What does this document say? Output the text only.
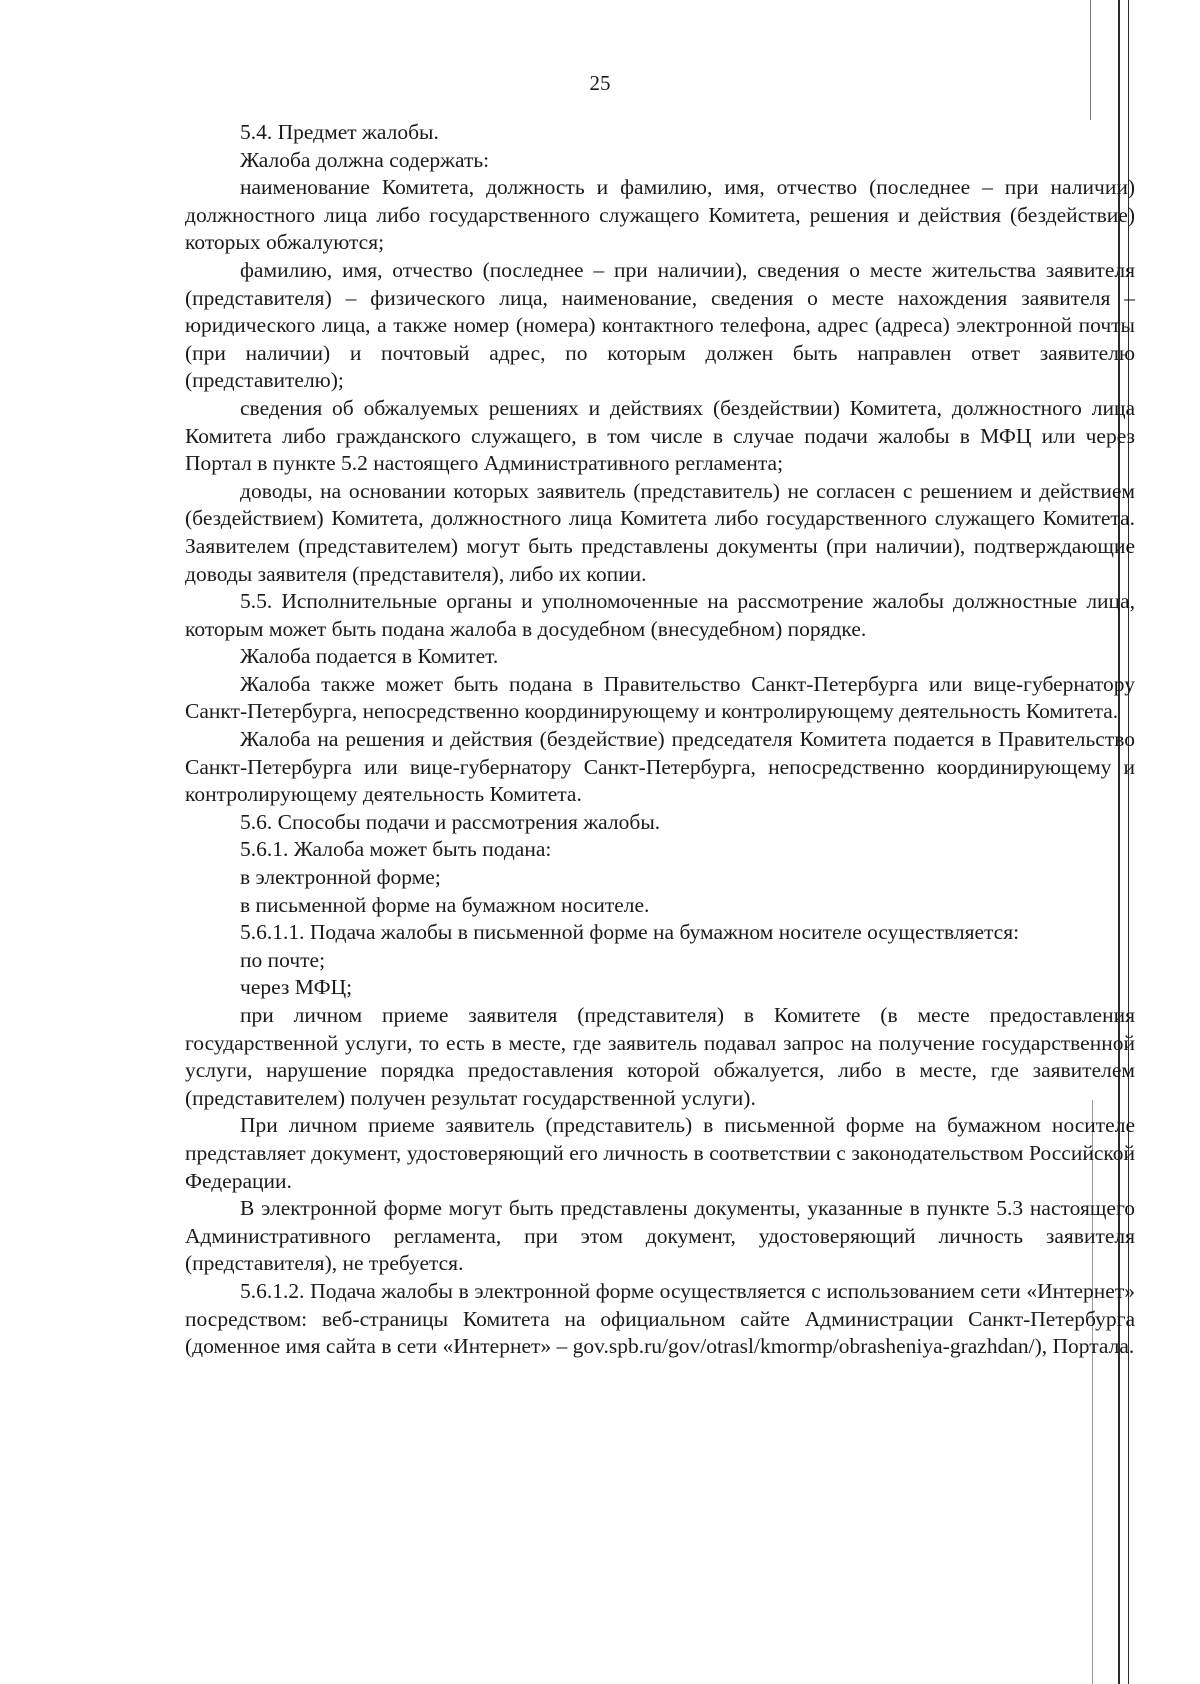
25

5.4. Предмет жалобы.

Жалоба должна содержать:

наименование Комитета, должность и фамилию, имя, отчество (последнее – при наличии) должностного лица либо государственного служащего Комитета, решения и действия (бездействие) которых обжалуются;

фамилию, имя, отчество (последнее – при наличии), сведения о месте жительства заявителя (представителя) – физического лица, наименование, сведения о месте нахождения заявителя – юридического лица, а также номер (номера) контактного телефона, адрес (адреса) электронной почты (при наличии) и почтовый адрес, по которым должен быть направлен ответ заявителю (представителю);

сведения об обжалуемых решениях и действиях (бездействии) Комитета, должностного лица Комитета либо гражданского служащего, в том числе в случае подачи жалобы в МФЦ или через Портал в пункте 5.2 настоящего Административного регламента;

доводы, на основании которых заявитель (представитель) не согласен с решением и действием (бездействием) Комитета, должностного лица Комитета либо государственного служащего Комитета. Заявителем (представителем) могут быть представлены документы (при наличии), подтверждающие доводы заявителя (представителя), либо их копии.

5.5. Исполнительные органы и уполномоченные на рассмотрение жалобы должностные лица, которым может быть подана жалоба в досудебном (внесудебном) порядке.

Жалоба подается в Комитет.

Жалоба также может быть подана в Правительство Санкт-Петербурга или вице-губернатору Санкт-Петербурга, непосредственно координирующему и контролирующему деятельность Комитета.

Жалоба на решения и действия (бездействие) председателя Комитета подается в Правительство Санкт-Петербурга или вице-губернатору Санкт-Петербурга, непосредственно координирующему и контролирующему деятельность Комитета.

5.6. Способы подачи и рассмотрения жалобы.

5.6.1. Жалоба может быть подана:

в электронной форме;

в письменной форме на бумажном носителе.

5.6.1.1. Подача жалобы в письменной форме на бумажном носителе осуществляется:

по почте;

через МФЦ;

при личном приеме заявителя (представителя) в Комитете (в месте предоставления государственной услуги, то есть в месте, где заявитель подавал запрос на получение государственной услуги, нарушение порядка предоставления которой обжалуется, либо в месте, где заявителем (представителем) получен результат государственной услуги).

При личном приеме заявитель (представитель) в письменной форме на бумажном носителе представляет документ, удостоверяющий его личность в соответствии с законодательством Российской Федерации.

В электронной форме могут быть представлены документы, указанные в пункте 5.3 настоящего Административного регламента, при этом документ, удостоверяющий личность заявителя (представителя), не требуется.

5.6.1.2. Подача жалобы в электронной форме осуществляется с использованием сети «Интернет» посредством: веб-страницы Комитета на официальном сайте Администрации Санкт-Петербурга (доменное имя сайта в сети «Интернет» – gov.spb.ru/gov/otrasl/kmormp/obrasheniya-grazhdan/), Портала.
